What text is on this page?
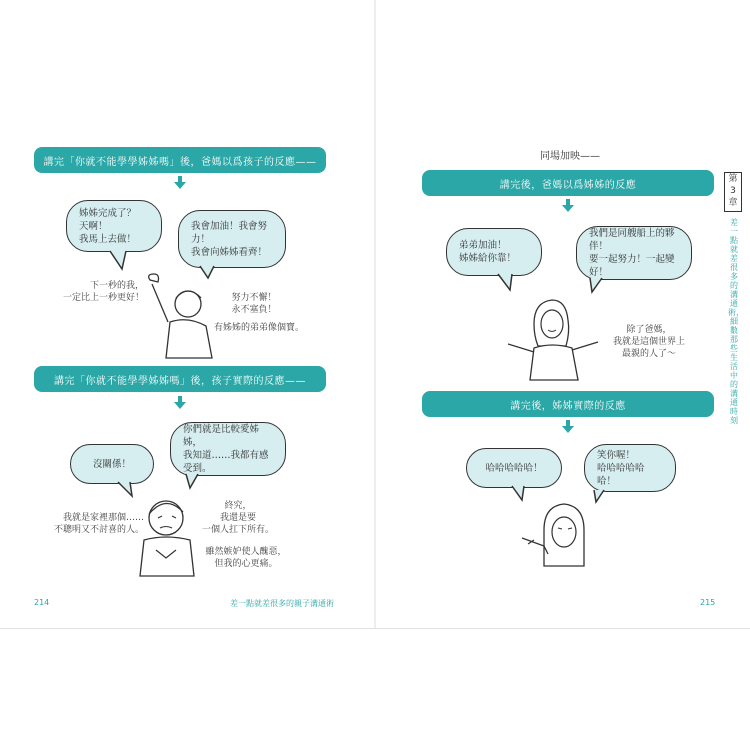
講完「你就不能學學姊姊嗎」後，爸媽以爲孩子的反應——
姊姊完成了？
天啊！
我馬上去做！
我會加油！我會努力！
我會向姊姊看齊！
下一秒的我，
一定比上一秒更好！	努力不懈！
永不塞負！
有姊姊的弟弟像個寶。
講完「你就不能學學姊姊嗎」後，孩子實際的反應——
沒關係！
你們就是比較愛姊姊，
我知道……我都有感受到。
我就是家裡那個……
不聰明又不討喜的人。
終究，
我還是要
一個人扛下所有。
雖然嫉妒使人醜惡，
但我的心更痛。
214	差一點就差很多的親子溝通術
同場加映——
講完後，爸媽以爲姊姊的反應
弟弟加油！
姊姊給你靠！
我們是同艘船上的夥伴！
要一起努力！一起變好！
除了爸媽，
我就是這個世界上
最親的人了～
講完後，姊姊實際的反應
哈哈哈哈哈！
笑你喔！
哈哈哈哈哈哈！
215
第
3
章
差一點就差很多的溝通術，細數那些生活中的溝通時刻
